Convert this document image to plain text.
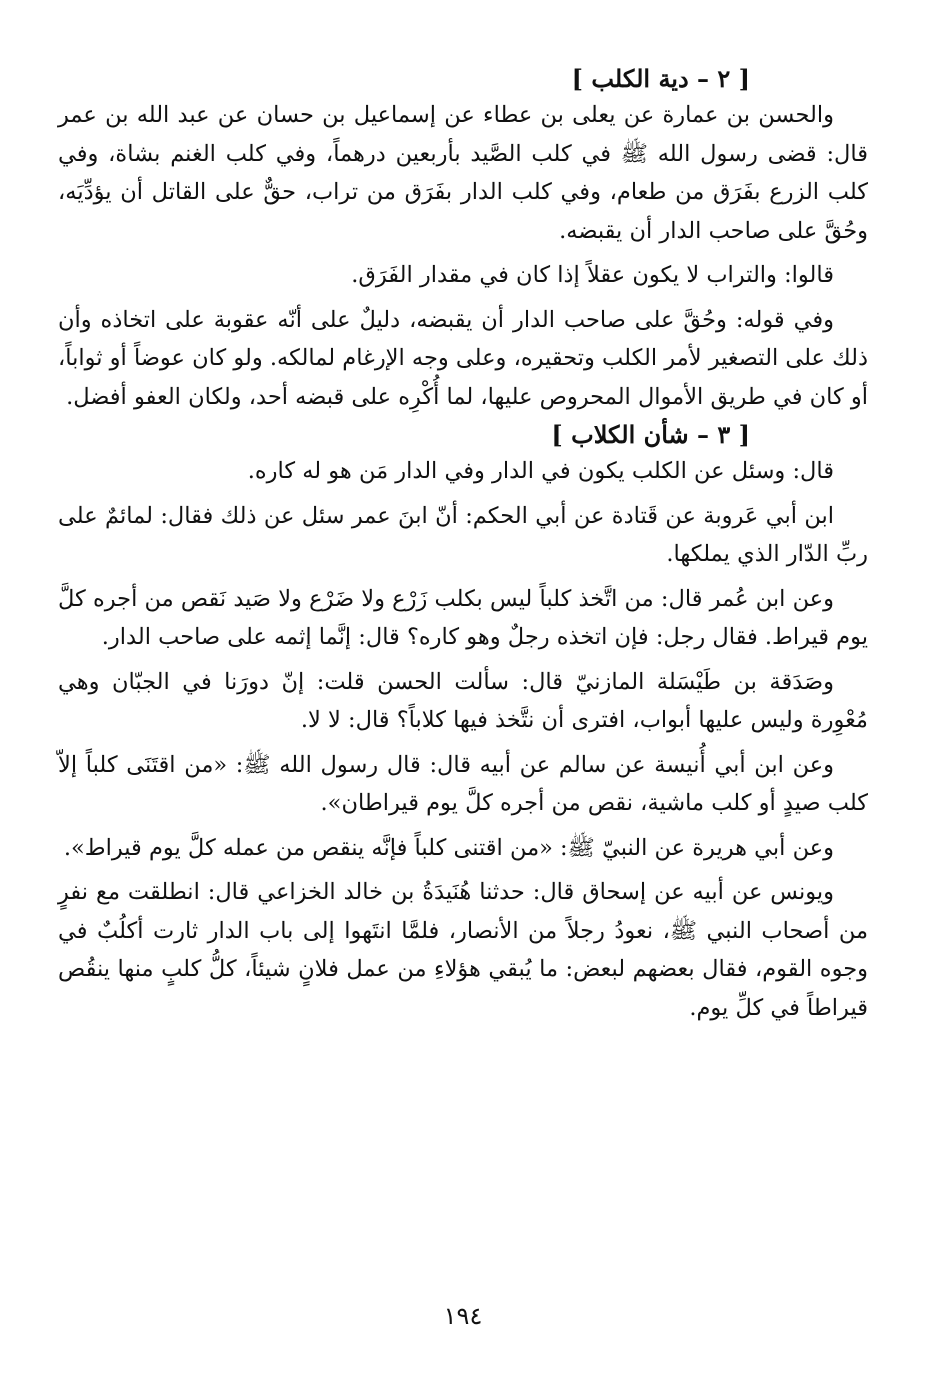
[ ٢ – دية الكلب ]

والحسن بن عمارة عن يعلى بن عطاء عن إسماعيل بن حسان عن عبد الله بن عمر قال: قضى رسول الله ﷺ في كلب الصَّيد بأربعين درهماً، وفي كلب الغنم بشاة، وفي كلب الزرع بفَرَق من طعام، وفي كلب الدار بفَرَق من تراب، حقٌّ على القاتل أن يؤدِّيَه، وحُقَّ على صاحب الدار أن يقبضه.

قالوا: والتراب لا يكون عقلاً إذا كان في مقدار الفَرَق.

وفي قوله: وحُقَّ على صاحب الدار أن يقبضه، دليلٌ على أنّه عقوبة على اتخاذه وأن ذلك على التصغير لأمر الكلب وتحقيره، وعلى وجه الإرغام لمالكه. ولو كان عوضاً أو ثواباً، أو كان في طريق الأموال المحروص عليها، لما أُكْرِه على قبضه أحد، ولكان العفو أفضل.

[ ٣ – شأن الكلاب ]

قال: وسئل عن الكلب يكون في الدار وفي الدار مَن هو له كاره.

ابن أبي عَروبة عن قَتادة عن أبي الحكم: أنّ ابنَ عمر سئل عن ذلك فقال: لمائمٌ على ربِّ الدّار الذي يملكها.

وعن ابن عُمر قال: من اتَّخذ كلباً ليس بكلب زَرْع ولا ضَرْع ولا صَيد نَقص من أجره كلَّ يوم قيراط. فقال رجل: فإن اتخذه رجلٌ وهو كاره؟ قال: إنَّما إثمه على صاحب الدار.

وصَدَقة بن طَيْسَلة المازنيّ قال: سألت الحسن قلت: إنّ دورَنا في الجبّان وهي مُعْوِرة وليس عليها أبواب، افترى أن نتَّخذ فيها كلاباً؟ قال: لا لا.

وعن ابن أبي أُنيسة عن سالم عن أبيه قال: قال رسول الله ﷺ: «من اقتَنَى كلباً إلاّ كلب صيدٍ أو كلب ماشية، نقص من أجره كلَّ يوم قيراطان».

وعن أبي هريرة عن النبيّ ﷺ: «من اقتنى كلباً فإنَّه ينقص من عمله كلَّ يوم قيراط».

ويونس عن أبيه عن إسحاق قال: حدثنا هُنَيدَةُ بن خالد الخزاعي قال: انطلقت مع نفرٍ من أصحاب النبي ﷺ، نعودُ رجلاً من الأنصار، فلمَّا انتَهوا إلى باب الدار ثارت أكلُبٌ في وجوه القوم، فقال بعضهم لبعض: ما يُبقي هؤلاءِ من عمل فلانٍ شيئاً، كلُّ كلبٍ منها ينقُص قيراطاً في كلِّ يوم.

١٩٤
